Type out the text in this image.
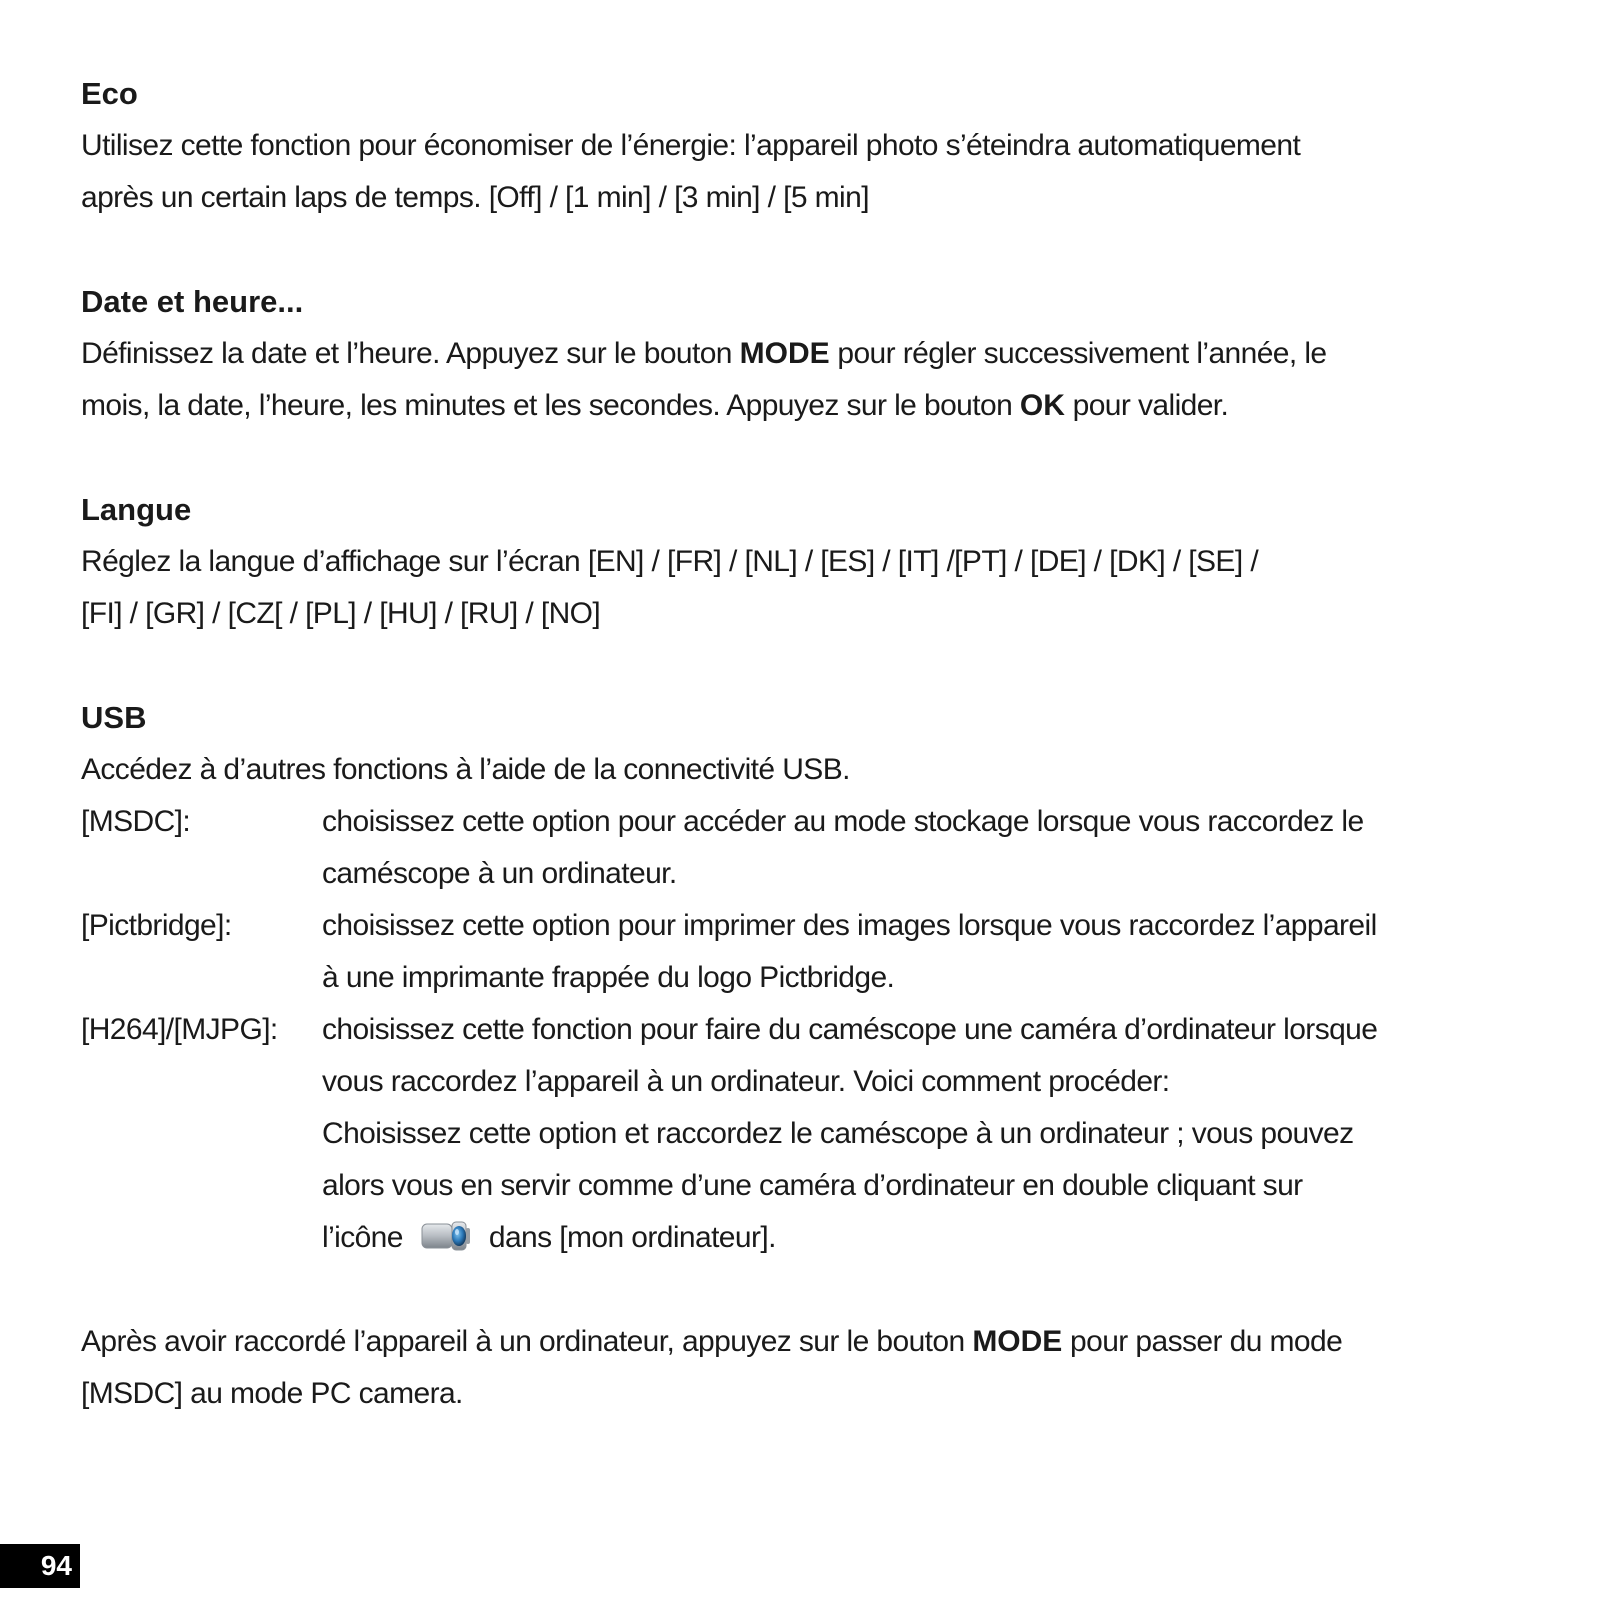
Eco

Utilisez cette fonction pour économiser de l’énergie: l’appareil photo s’éteindra automatiquement

après un certain laps de temps. [Off] / [1 min] / [3 min] / [5 min]

Date et heure...

Définissez la date et l’heure. Appuyez sur le bouton MODE pour régler successivement l’année, le

mois, la date, l’heure, les minutes et les secondes. Appuyez sur le bouton OK pour valider.

Langue

Réglez la langue d’affichage sur l’écran [EN] / [FR] / [NL] / [ES] / [IT] /[PT] / [DE] / [DK] / [SE] /

[FI] / [GR] / [CZ[ / [PL] / [HU] / [RU] / [NO]

USB

Accédez à d’autres fonctions à l’aide de la connectivité USB.

[MSDC]:	choisissez cette option pour accéder au mode stockage lorsque vous raccordez le
caméscope à un ordinateur.
[Pictbridge]:	choisissez cette option pour imprimer des images lorsque vous raccordez l’appareil
à une imprimante frappée du logo Pictbridge.
[H264]/[MJPG]:	choisissez cette fonction pour faire du caméscope une caméra d’ordinateur lorsque
vous raccordez l’appareil à un ordinateur. Voici comment procéder:
Choisissez cette option et raccordez le caméscope à un ordinateur ; vous pouvez
alors vous en servir comme d’une caméra d’ordinateur en double cliquant sur
l’icône	dans [mon ordinateur].

Après avoir raccordé l’appareil à un ordinateur, appuyez sur le bouton MODE pour passer du mode

[MSDC] au mode PC camera.

94
